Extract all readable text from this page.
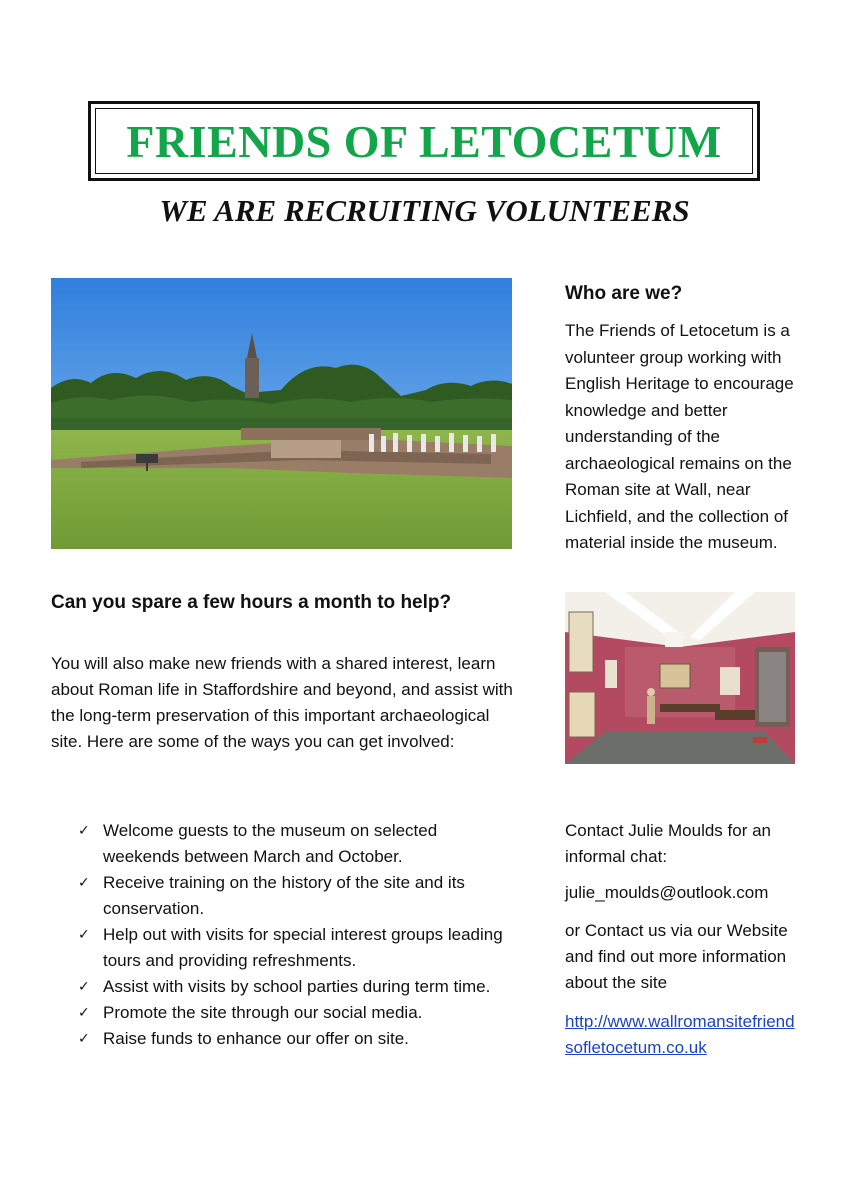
FRIENDS OF LETOCETUM
WE ARE RECRUITING VOLUNTEERS
Who are we?

The Friends of Letocetum is a volunteer group working with English Heritage to encourage knowledge and better understanding of the archaeological remains on the Roman site at Wall, near Lichfield, and the collection of material inside the museum.

Can you spare a few hours a month to help?

You will also make new friends with a shared interest, learn about Roman life in Staffordshire and beyond, and assist with the long-term preservation of this important archaeological site. Here are some of the ways you can get involved:

✓ Welcome guests to the museum on selected weekends between March and October.
✓ Receive training on the history of the site and its conservation.
✓ Help out with visits for special interest groups leading tours and providing refreshments.
✓ Assist with visits by school parties during term time.
✓ Promote the site through our social media.
✓ Raise funds to enhance our offer on site.

Contact Julie Moulds for an informal chat:

julie_moulds@outlook.com

or Contact us via our Website and find out more information about the site

http://www.wallromansitefriendsofletocetum.co.uk
